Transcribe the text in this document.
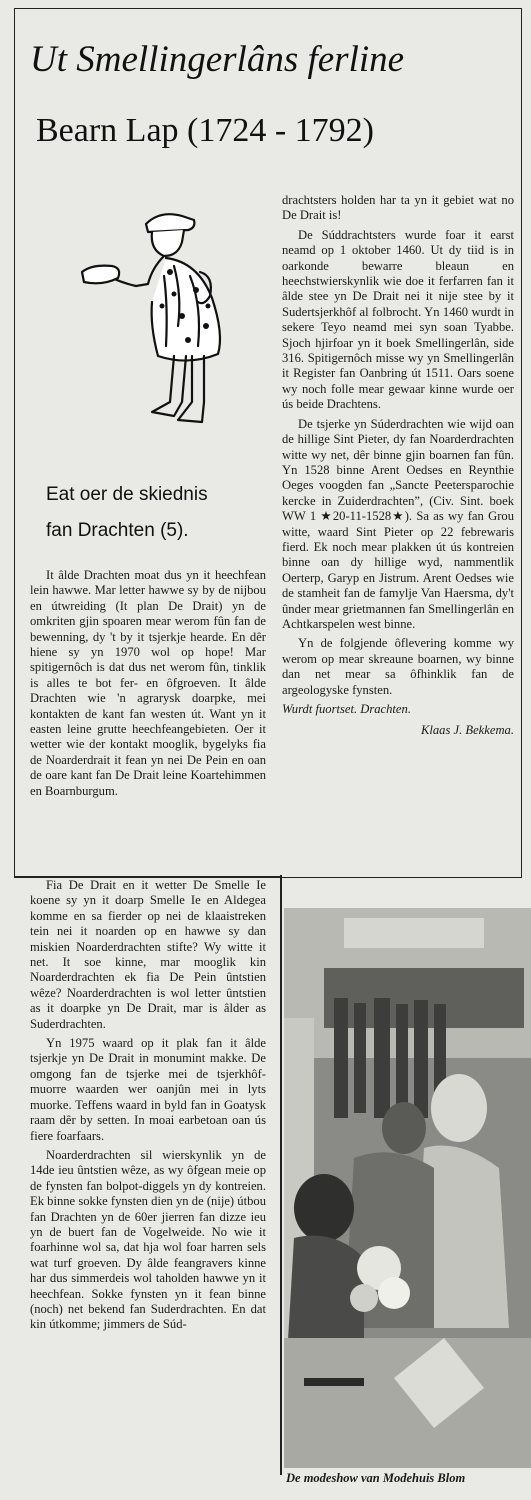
Ut Smellingerlâns ferline
Bearn Lap (1724 - 1792)
Eat oer de skiednis
fan Drachten (5).

drachtsters holden har ta yn it gebiet wat no De Drait is!

De Súddrachtsters wurde foar it earst neamd op 1 oktober 1460. Ut dy tiid is in oarkonde bewarre bleaun en heechstwierskynlik wie doe it ferfarren fan it âlde stee yn De Drait nei it nije stee by it Sudertsjerkhôf al folbrocht. Yn 1460 wurdt in sekere Teyo neamd mei syn soan Tyabbe. Sjoch hjirfoar yn it boek Smellingerlân, side 316. Spitigernôch misse wy yn Smellingerlân it Register fan Oanbring út 1511. Oars soene wy noch folle mear gewaar kinne wurde oer ús beide Drachtens.

De tsjerke yn Súderdrachten wie wijd oan de hillige Sint Pieter, dy fan Noarderdrachten witte wy net, dêr binne gjin boarnen fan fûn. Yn 1528 binne Arent Oedses en Reynthie Oeges voogden fan „Sancte Peetersparochie kercke in Zuiderdrachten”, (Civ. Sint. boek WW 1 ★20-11-1528★). Sa as wy fan Grou witte, waard Sint Pieter op 22 febrewaris fierd. Ek noch mear plakken út ús kontreien binne oan dy hillige wyd, nammentlik Oerterp, Garyp en Jistrum. Arent Oedses wie de stamheit fan de famylje Van Haersma, dy't ûnder mear grietmannen fan Smellingerlân en Achtkarspelen west binne.

Yn de folgjende ôflevering komme wy werom op mear skreaune boarnen, wy binne dan net mear sa ôfhinklik fan de argeologyske fynsten.

Wurdt fuortset. Drachten.

Klaas J. Bekkema.

It âlde Drachten moat dus yn it heechfean lein hawwe. Mar letter hawwe sy by de nijbou en útwreiding (It plan De Drait) yn de omkriten gjin spoaren mear werom fûn fan de bewenning, dy 't by it tsjerkje hearde. En dêr hiene sy yn 1970 wol op hope! Mar spitigernôch is dat dus net werom fûn, tinklik is alles te bot fer- en ôfgroeven. It âlde Drachten wie 'n agrarysk doarpke, mei kontakten de kant fan westen út. Want yn it easten leine grutte heechfeangebieten. Oer it wetter wie der kontakt mooglik, bygelyks fia de Noarderdrait it fean yn nei De Pein en oan de oare kant fan De Drait leine Koartehimmen en Boarnburgum.

Fia De Drait en it wetter De Smelle Ie koene sy yn it doarp Smelle Ie en Aldegea komme en sa fierder op nei de klaaistreken tein nei it noarden op en hawwe sy dan miskien Noarderdrachten stifte? Wy witte it net. It soe kinne, mar mooglik kin Noarderdrachten ek fia De Pein ûntstien wêze? Noarderdrachten is wol letter ûntstien as it doarpke yn De Drait, mar is âlder as Suderdrachten.

Yn 1975 waard op it plak fan it âlde tsjerkje yn De Drait in monumint makke. De omgong fan de tsjerke mei de tsjerkhôf-muorre waarden wer oanjûn mei in lyts muorke. Teffens waard in byld fan in Goatysk raam dêr by setten. In moai earbetoan oan ús fiere foarfaars.

Noarderdrachten sil wierskynlik yn de 14de ieu ûntstien wêze, as wy ôfgean meie op de fynsten fan bolpot-diggels yn dy kontreien. Ek binne sokke fynsten dien yn de (nije) útbou fan Drachten yn de 60er jierren fan dizze ieu yn de buert fan de Vogelweide. No wie it foarhinne wol sa, dat hja wol foar harren sels wat turf groeven. Dy âlde feangravers kinne har dus simmerdeis wol taholden hawwe yn it heechfean. Sokke fynsten yn it fean binne (noch) net bekend fan Suderdrachten. En dat kin útkomme; jimmers de Súd-

De modeshow van Modehuis Blom
